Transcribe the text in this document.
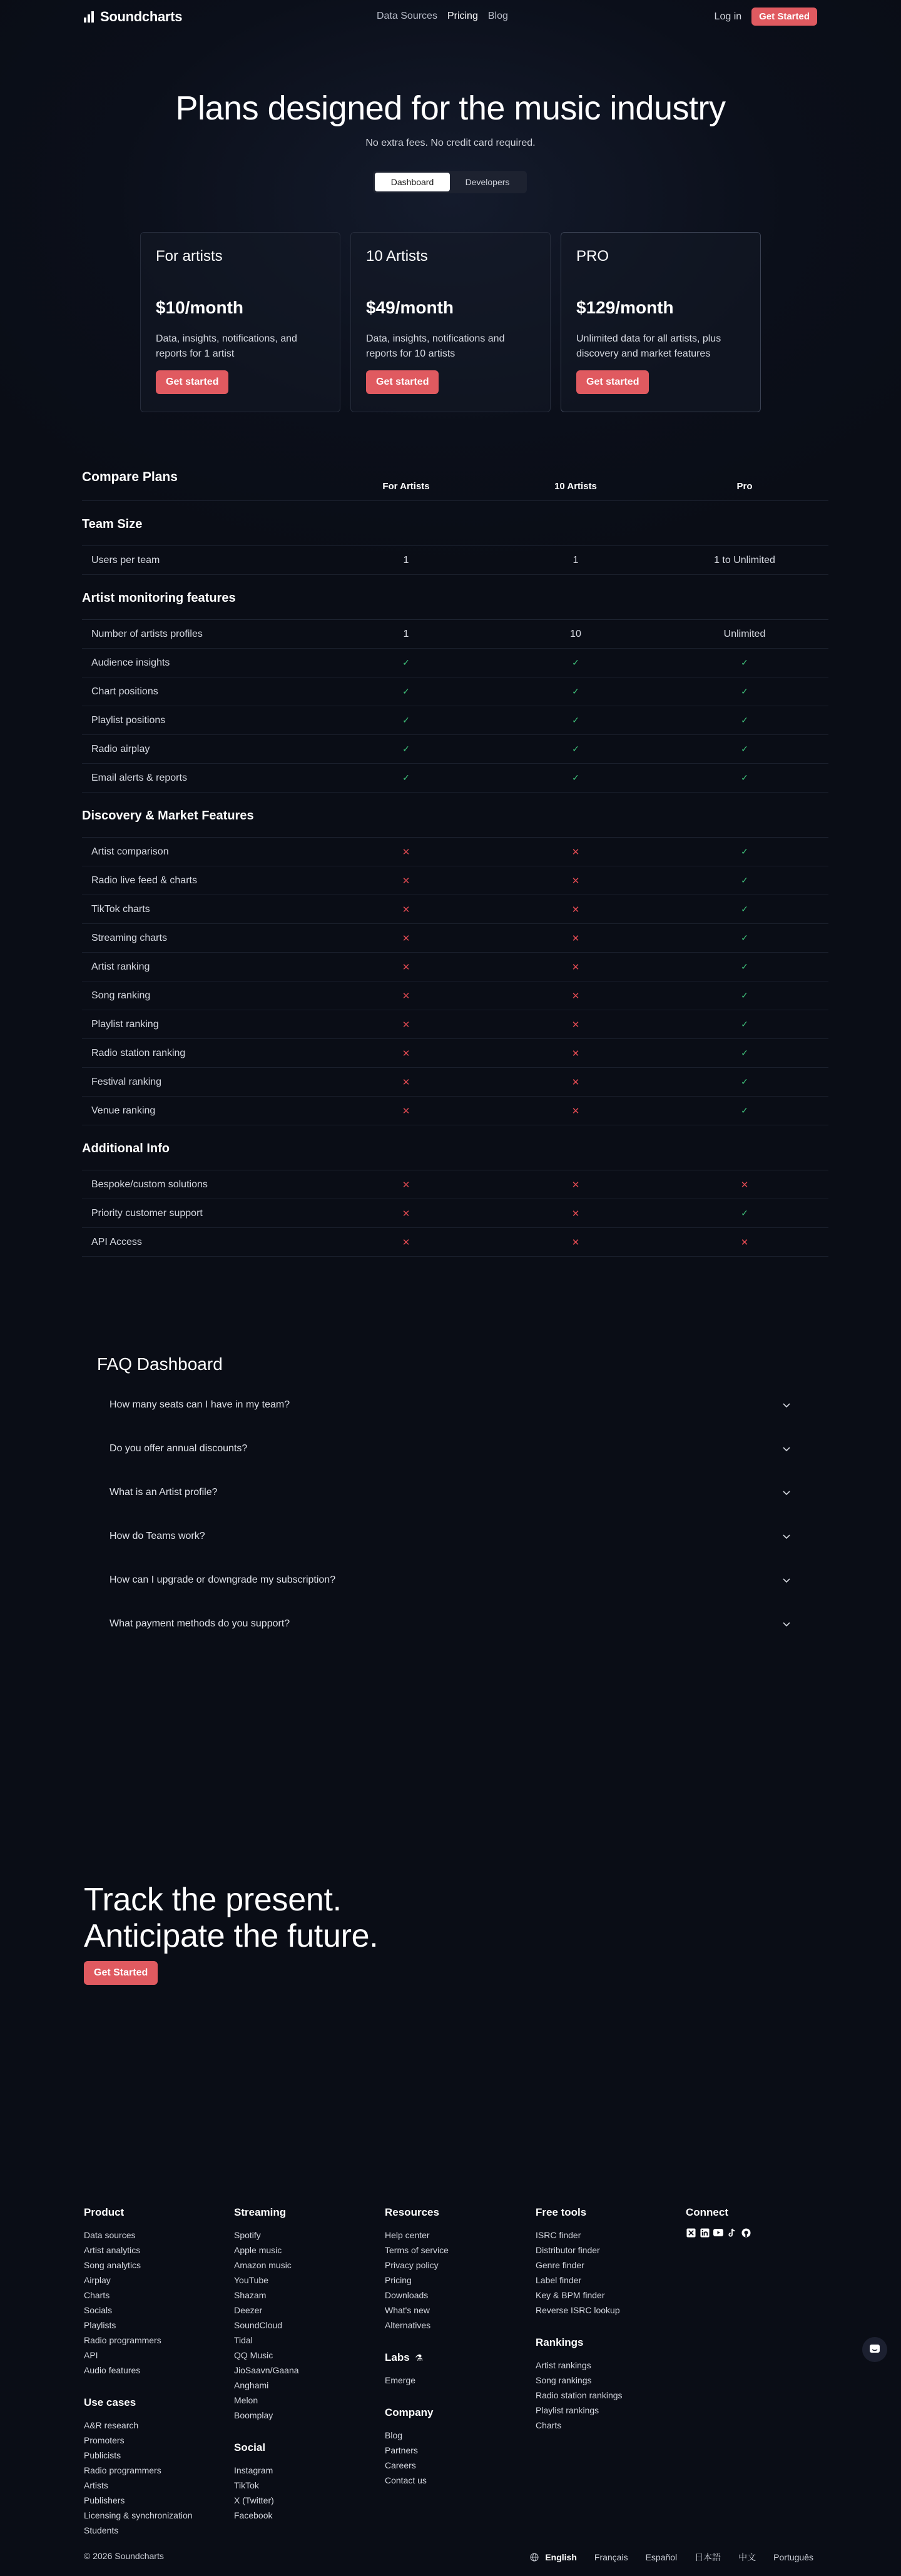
Soundcharts	Data Sources Pricing Blog	Log in	Get Started
Plans designed for the music industry
No extra fees. No credit card required.
Dashboard	Developers
For artists
$10/month
Data, insights, notifications, and reports for 1 artist
Get started
10 Artists
$49/month
Data, insights, notifications and reports for 10 artists
Get started
PRO
$129/month
Unlimited data for all artists, plus discovery and market features
Get started
Compare Plans
For Artists	10 Artists	Pro
Team Size
Users per team	1	1	1 to Unlimited
Artist monitoring features
Number of artists profiles	1	10	Unlimited
Audience insights	✓	✓	✓
Chart positions	✓	✓	✓
Playlist positions	✓	✓	✓
Radio airplay	✓	✓	✓
Email alerts & reports	✓	✓	✓
Discovery & Market Features
Artist comparison	✕	✕	✓
Radio live feed & charts	✕	✕	✓
TikTok charts	✕	✕	✓
Streaming charts	✕	✕	✓
Artist ranking	✕	✕	✓
Song ranking	✕	✕	✓
Playlist ranking	✕	✕	✓
Radio station ranking	✕	✕	✓
Festival ranking	✕	✕	✓
Venue ranking	✕	✕	✓
Additional Info
Bespoke/custom solutions	✕	✕	✕
Priority customer support	✕	✕	✓
API Access	✕	✕	✕
FAQ Dashboard
How many seats can I have in my team?
Do you offer annual discounts?
What is an Artist profile?
How do Teams work?
How can I upgrade or downgrade my subscription?
What payment methods do you support?
Track the present.
Anticipate the future.
Get Started
Product
Data sources
Artist analytics
Song analytics
Airplay
Charts
Socials
Playlists
Radio programmers
API
Audio features
Use cases
A&R research
Promoters
Publicists
Radio programmers
Artists
Publishers
Licensing & synchronization
Students
Streaming
Spotify
Apple music
Amazon music
YouTube
Shazam
Deezer
SoundCloud
Tidal
QQ Music
JioSaavn/Gaana
Anghami
Melon
Boomplay
Social
Instagram
TikTok
X (Twitter)
Facebook
Resources
Help center
Terms of service
Privacy policy
Pricing
Downloads
What's new
Alternatives
Labs ⚗
Emerge
Company
Blog
Partners
Careers
Contact us
Free tools
ISRC finder
Distributor finder
Genre finder
Label finder
Key & BPM finder
Reverse ISRC lookup
Rankings
Artist rankings
Song rankings
Radio station rankings
Playlist rankings
Charts
Connect
© 2026 Soundcharts	English Français Español 日本語 中文 Português
